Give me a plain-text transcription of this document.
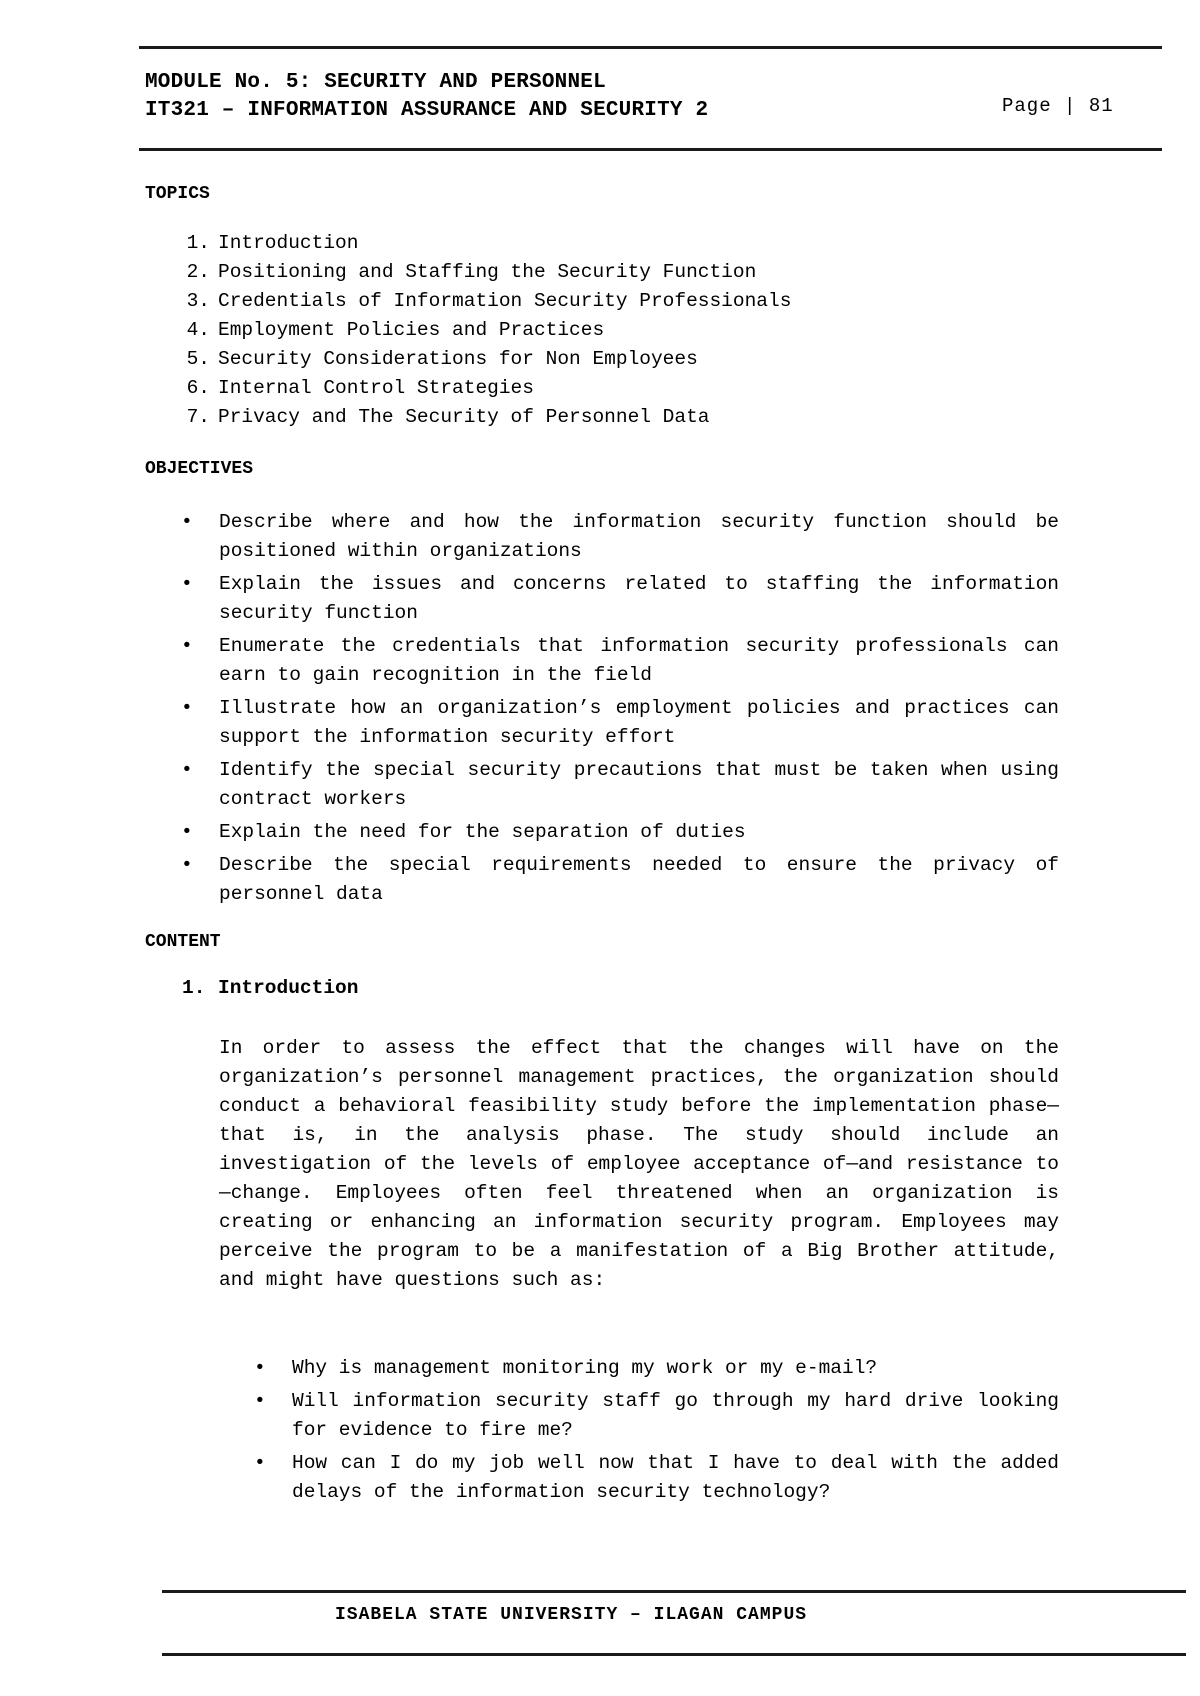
MODULE No. 5: SECURITY AND PERSONNEL
IT321 – INFORMATION ASSURANCE AND SECURITY 2	Page | 81
TOPICS
1. Introduction
2. Positioning and Staffing the Security Function
3. Credentials of Information Security Professionals
4. Employment Policies and Practices
5. Security Considerations for Non Employees
6. Internal Control Strategies
7. Privacy and The Security of Personnel Data
OBJECTIVES
• Describe where and how the information security function should be positioned within organizations
• Explain the issues and concerns related to staffing the information security function
• Enumerate the credentials that information security professionals can earn to gain recognition in the field
• Illustrate how an organization’s employment policies and practices can support the information security effort
• Identify the special security precautions that must be taken when using contract workers
• Explain the need for the separation of duties
• Describe the special requirements needed to ensure the privacy of personnel data
CONTENT
1. Introduction

In order to assess the effect that the changes will have on the organization’s personnel management practices, the organization should conduct a behavioral feasibility study before the implementation phase—that is, in the analysis phase. The study should include an investigation of the levels of employee acceptance of—and resistance to—change. Employees often feel threatened when an organization is creating or enhancing an information security program. Employees may perceive the program to be a manifestation of a Big Brother attitude, and might have questions such as:

• Why is management monitoring my work or my e-mail?
• Will information security staff go through my hard drive looking for evidence to fire me?
• How can I do my job well now that I have to deal with the added delays of the information security technology?
ISABELA STATE UNIVERSITY – ILAGAN CAMPUS
